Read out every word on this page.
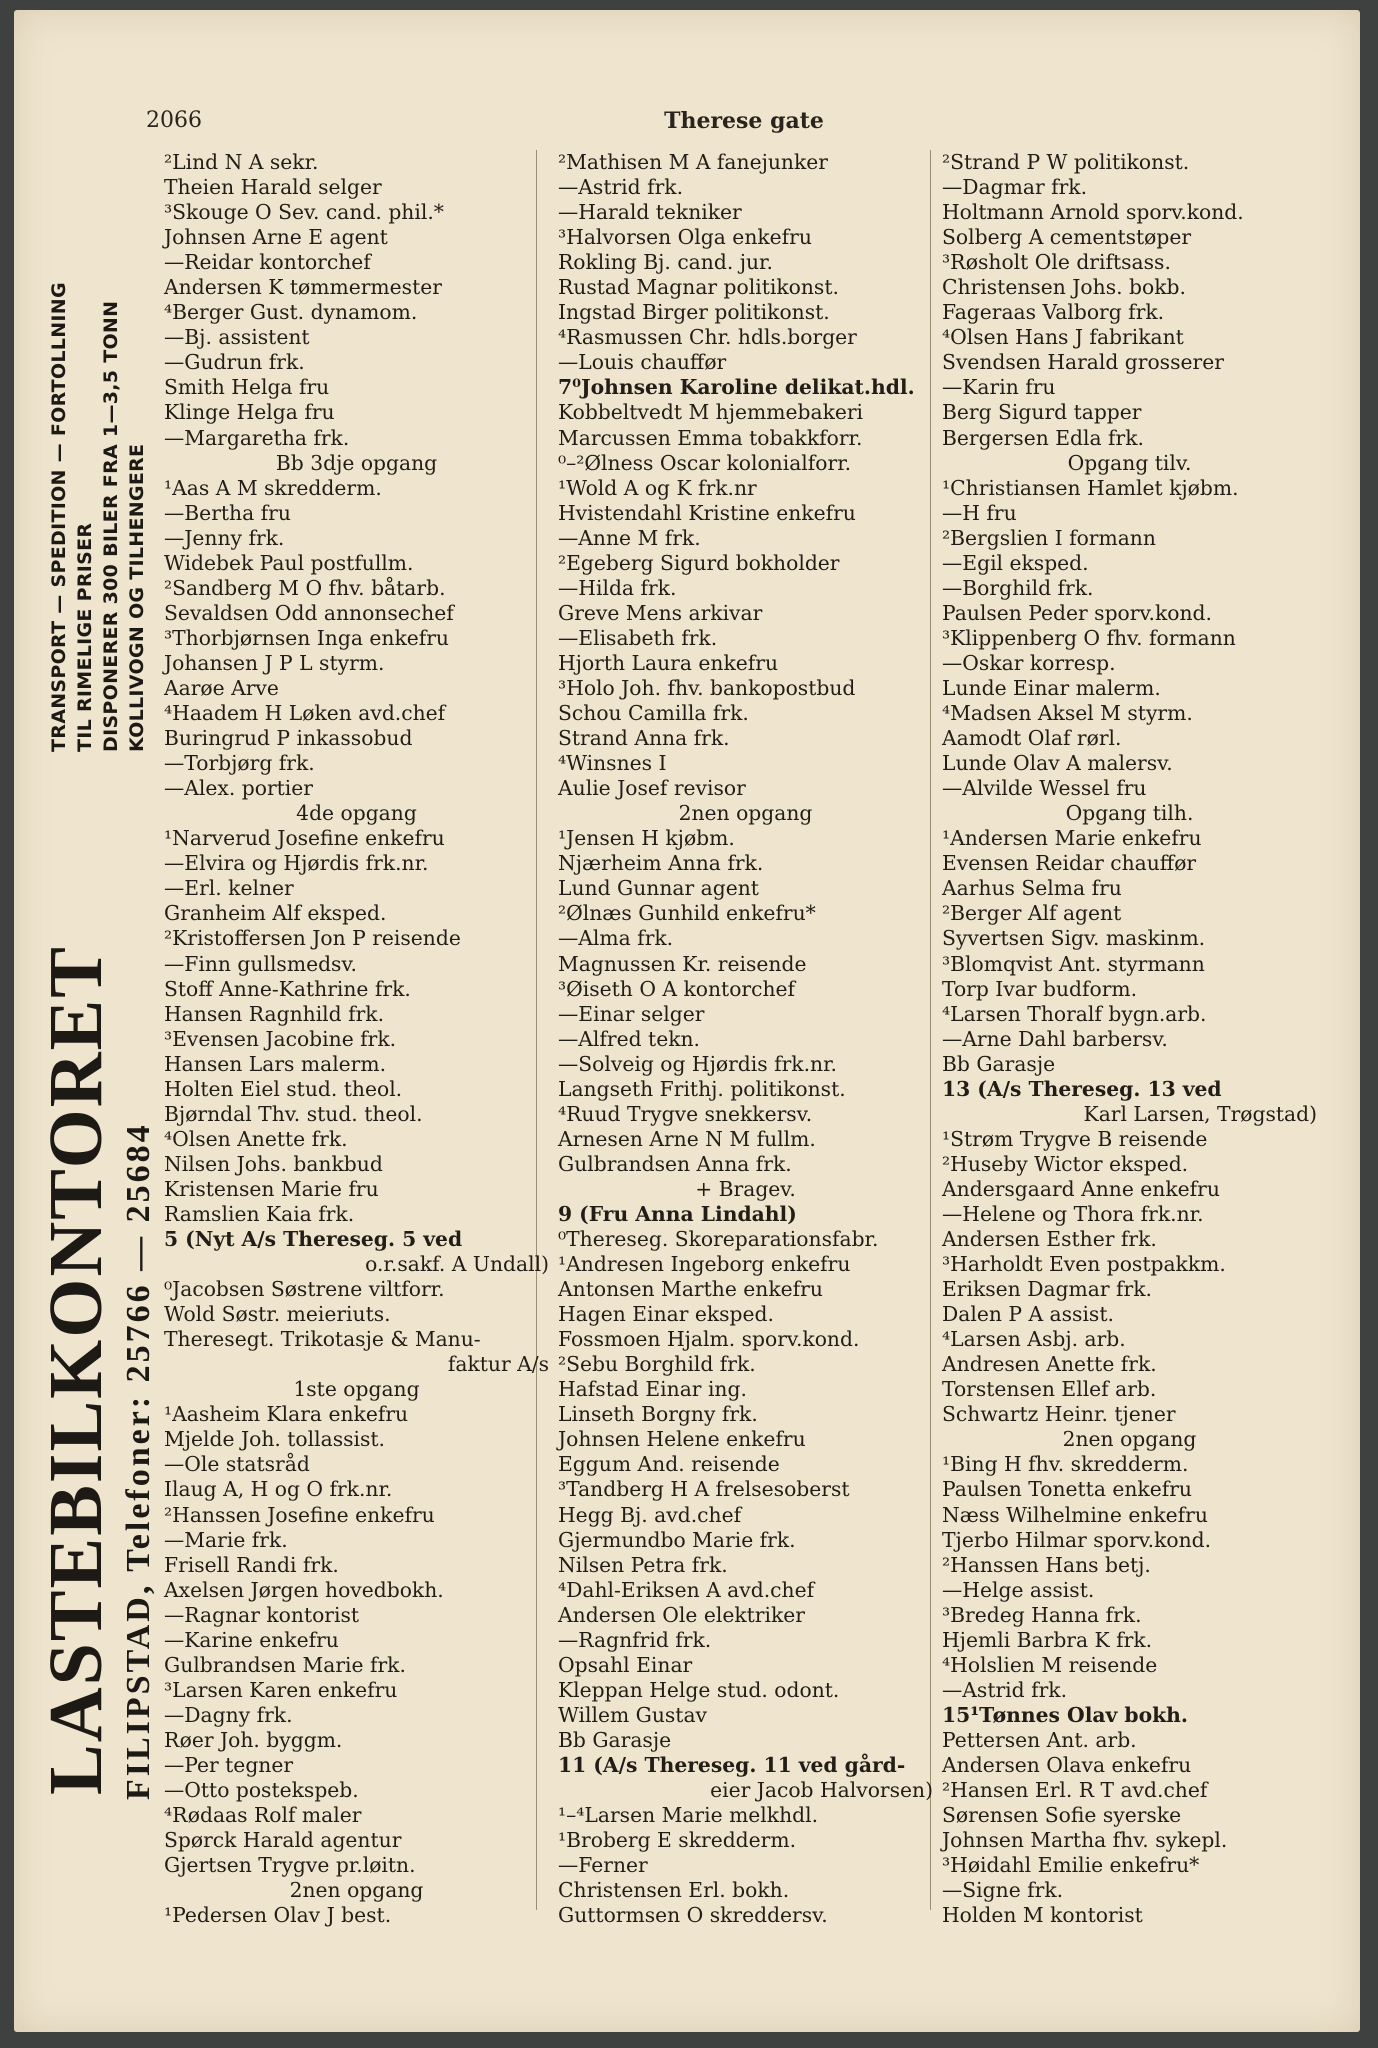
2066	Therese gate
LASTEBILKONTORET FILIPSTAD, Telefoner: 25766 — 25684
TRANSPORT — SPEDITION — FORTOLLNING TIL RIMELIGE PRISER DISPONERER 300 BILER FRA 1—3,5 TONN KOLLIVOGN OG TILHENGERE
²Lind N A sekr.
Theien Harald selger
³Skouge O Sev. cand. phil.*
Johnsen Arne E agent
—Reidar kontorchef
Andersen K tømmermester
⁴Berger Gust. dynamom.
—Bj. assistent
—Gudrun frk.
Smith Helga fru
Klinge Helga fru
—Margaretha frk.
Bb 3dje opgang
¹Aas A M skredderm.
—Bertha fru
—Jenny frk.
Widebek Paul postfullm.
²Sandberg M O fhv. båtarb.
Sevaldsen Odd annonsechef
³Thorbjørnsen Inga enkefru
Johansen J P L styrm.
Aarøe Arve
⁴Haadem H Løken avd.chef
Buringrud P inkassobud
—Torbjørg frk.
—Alex. portier
4de opgang
¹Narverud Josefine enkefru
—Elvira og Hjørdis frk.nr.
—Erl. kelner
Granheim Alf eksped.
²Kristoffersen Jon P reisende
—Finn gullsmedsv.
Stoff Anne-Kathrine frk.
Hansen Ragnhild frk.
³Evensen Jacobine frk.
Hansen Lars malerm.
Holten Eiel stud. theol.
Bjørndal Thv. stud. theol.
⁴Olsen Anette frk.
Nilsen Johs. bankbud
Kristensen Marie fru
Ramslien Kaia frk.
5 (Nyt A/s Thereseg. 5 ved
o.r.sakf. A Undall)
⁰Jacobsen Søstrene viltforr.
Wold Søstr. meieriuts.
Theresegt. Trikotasje & Manu-
faktur A/s
1ste opgang
¹Aasheim Klara enkefru
Mjelde Joh. tollassist.
—Ole statsråd
Ilaug A, H og O frk.nr.
²Hanssen Josefine enkefru
—Marie frk.
Frisell Randi frk.
Axelsen Jørgen hovedbokh.
—Ragnar kontorist
—Karine enkefru
Gulbrandsen Marie frk.
³Larsen Karen enkefru
—Dagny frk.
Røer Joh. byggm.
—Per tegner
—Otto postekspeb.
⁴Rødaas Rolf maler
Spørck Harald agentur
Gjertsen Trygve pr.løitn.
2nen opgang
¹Pedersen Olav J best.
²Mathisen M A fanejunker
—Astrid frk.
—Harald tekniker
³Halvorsen Olga enkefru
Rokling Bj. cand. jur.
Rustad Magnar politikonst.
Ingstad Birger politikonst.
⁴Rasmussen Chr. hdls.borger
—Louis chauffør
7⁰Johnsen Karoline delikat.hdl.
Kobbeltvedt M hjemmebakeri
Marcussen Emma tobakkforr.
⁰–²Ølness Oscar kolonialforr.
¹Wold A og K frk.nr
Hvistendahl Kristine enkefru
—Anne M frk.
²Egeberg Sigurd bokholder
—Hilda frk.
Greve Mens arkivar
—Elisabeth frk.
Hjorth Laura enkefru
³Holo Joh. fhv. bankopostbud
Schou Camilla frk.
Strand Anna frk.
⁴Winsnes I
Aulie Josef revisor
2nen opgang
¹Jensen H kjøbm.
Njærheim Anna frk.
Lund Gunnar agent
²Ølnæs Gunhild enkefru*
—Alma frk.
Magnussen Kr. reisende
³Øiseth O A kontorchef
—Einar selger
—Alfred tekn.
—Solveig og Hjørdis frk.nr.
Langseth Frithj. politikonst.
⁴Ruud Trygve snekkersv.
Arnesen Arne N M fullm.
Gulbrandsen Anna frk.
+ Bragev.
9 (Fru Anna Lindahl)
⁰Thereseg. Skoreparationsfabr.
¹Andresen Ingeborg enkefru
Antonsen Marthe enkefru
Hagen Einar eksped.
Fossmoen Hjalm. sporv.kond.
²Sebu Borghild frk.
Hafstad Einar ing.
Linseth Borgny frk.
Johnsen Helene enkefru
Eggum And. reisende
³Tandberg H A frelsesoberst
Hegg Bj. avd.chef
Gjermundbo Marie frk.
Nilsen Petra frk.
⁴Dahl-Eriksen A avd.chef
Andersen Ole elektriker
—Ragnfrid frk.
Opsahl Einar
Kleppan Helge stud. odont.
Willem Gustav
Bb Garasje
11 (A/s Thereseg. 11 ved gård-
eier Jacob Halvorsen)
¹–⁴Larsen Marie melkhdl.
¹Broberg E skredderm.
—Ferner
Christensen Erl. bokh.
Guttormsen O skreddersv.
²Strand P W politikonst.
—Dagmar frk.
Holtmann Arnold sporv.kond.
Solberg A cementstøper
³Røsholt Ole driftsass.
Christensen Johs. bokb.
Fageraas Valborg frk.
⁴Olsen Hans J fabrikant
Svendsen Harald grosserer
—Karin fru
Berg Sigurd tapper
Bergersen Edla frk.
Opgang tilv.
¹Christiansen Hamlet kjøbm.
—H fru
²Bergslien I formann
—Egil eksped.
—Borghild frk.
Paulsen Peder sporv.kond.
³Klippenberg O fhv. formann
—Oskar korresp.
Lunde Einar malerm.
⁴Madsen Aksel M styrm.
Aamodt Olaf rørl.
Lunde Olav A malersv.
—Alvilde Wessel fru
Opgang tilh.
¹Andersen Marie enkefru
Evensen Reidar chauffør
Aarhus Selma fru
²Berger Alf agent
Syvertsen Sigv. maskinm.
³Blomqvist Ant. styrmann
Torp Ivar budform.
⁴Larsen Thoralf bygn.arb.
—Arne Dahl barbersv.
Bb Garasje
13 (A/s Thereseg. 13 ved
Karl Larsen, Trøgstad)
¹Strøm Trygve B reisende
²Huseby Wictor eksped.
Andersgaard Anne enkefru
—Helene og Thora frk.nr.
Andersen Esther frk.
³Harholdt Even postpakkm.
Eriksen Dagmar frk.
Dalen P A assist.
⁴Larsen Asbj. arb.
Andresen Anette frk.
Torstensen Ellef arb.
Schwartz Heinr. tjener
2nen opgang
¹Bing H fhv. skredderm.
Paulsen Tonetta enkefru
Næss Wilhelmine enkefru
Tjerbo Hilmar sporv.kond.
²Hanssen Hans betj.
—Helge assist.
³Bredeg Hanna frk.
Hjemli Barbra K frk.
⁴Holslien M reisende
—Astrid frk.
15¹Tønnes Olav bokh.
Pettersen Ant. arb.
Andersen Olava enkefru
²Hansen Erl. R T avd.chef
Sørensen Sofie syerske
Johnsen Martha fhv. sykepl.
³Høidahl Emilie enkefru*
—Signe frk.
Holden M kontorist
